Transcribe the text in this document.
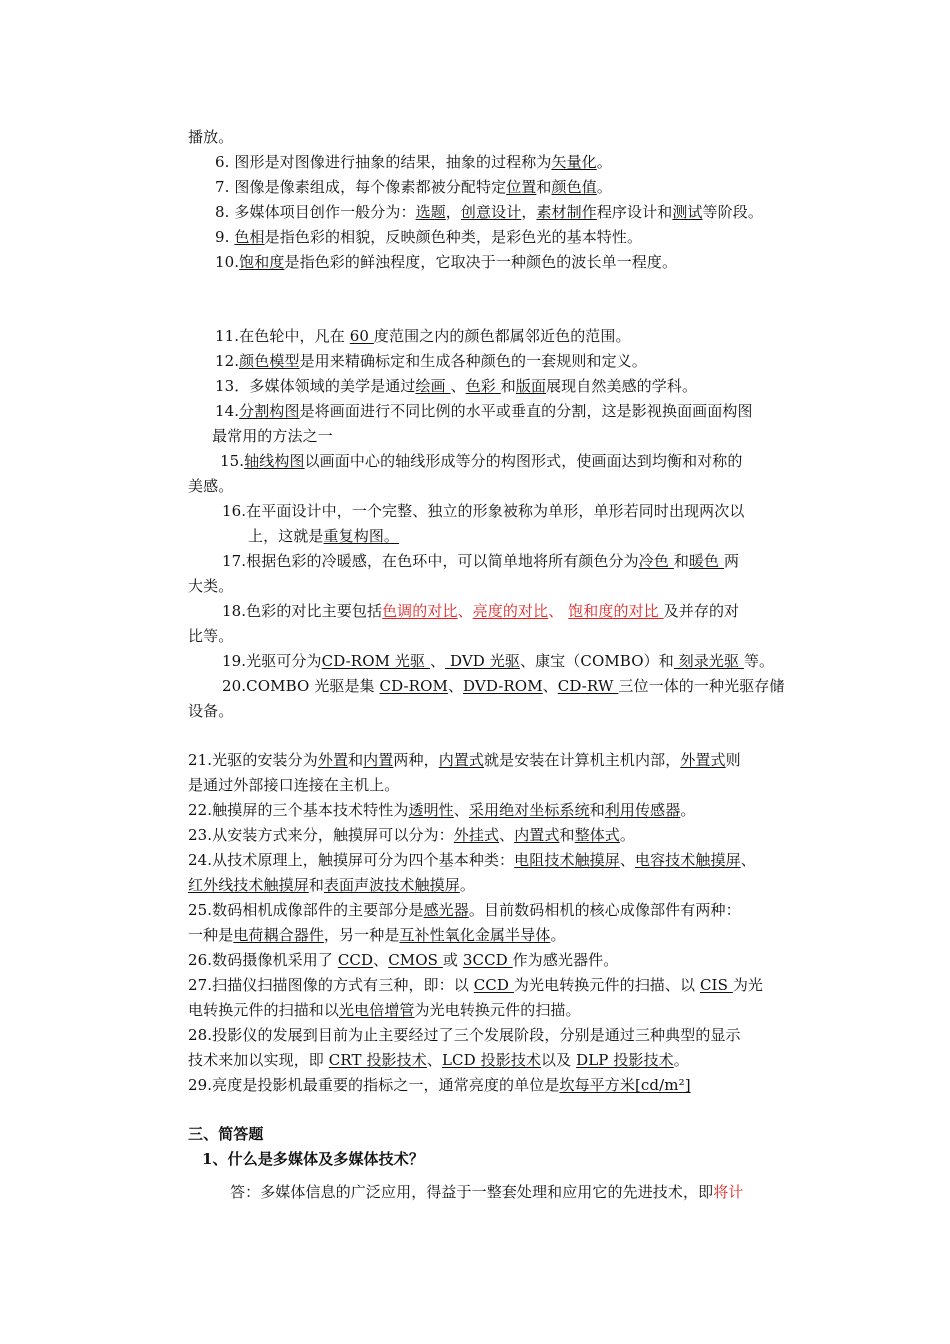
播放。
6. 图形是对图像进行抽象的结果，抽象的过程称为矢量化。
7. 图像是像素组成，每个像素都被分配特定位置和颜色值。
8. 多媒体项目创作一般分为：选题，创意设计，素材制作程序设计和测试等阶段。
9. 色相是指色彩的相貌，反映颜色种类，是彩色光的基本特性。
10.饱和度是指色彩的鲜浊程度，它取决于一种颜色的波长单一程度。
11.在色轮中，凡在 60 度范围之内的颜色都属邻近色的范围。
12.颜色模型是用来精确标定和生成各种颜色的一套规则和定义。
13．多媒体领域的美学是通过绘画 、色彩 和版面展现自然美感的学科。
14.分割构图是将画面进行不同比例的水平或垂直的分割，这是影视换面画面构图
最常用的方法之一
15.轴线构图以画面中心的轴线形成等分的构图形式，使画面达到均衡和对称的
美感。
16.在平面设计中，一个完整、独立的形象被称为单形，单形若同时出现两次以
上，这就是重复构图。
17.根据色彩的冷暖感，在色环中，可以简单地将所有颜色分为冷色 和暖色 两
大类。
18.色彩的对比主要包括色调的对比、亮度的对比、 饱和度的对比 及并存的对
比等。
19.光驱可分为CD-ROM 光驱 、 DVD 光驱、康宝（COMBO）和 刻录光驱 等。
20.COMBO 光驱是集 CD-ROM、DVD-ROM、CD-RW 三位一体的一种光驱存储
设备。
21.光驱的安装分为外置和内置两种，内置式就是安装在计算机主机内部，外置式则
是通过外部接口连接在主机上。
22.触摸屏的三个基本技术特性为透明性、采用绝对坐标系统和利用传感器。
23.从安装方式来分，触摸屏可以分为：外挂式、内置式和整体式。
24.从技术原理上，触摸屏可分为四个基本种类：电阻技术触摸屏、电容技术触摸屏、
红外线技术触摸屏和表面声波技术触摸屏。
25.数码相机成像部件的主要部分是感光器。目前数码相机的核心成像部件有两种：
一种是电荷耦合器件，另一种是互补性氧化金属半导体。
26.数码摄像机采用了 CCD、CMOS 或 3CCD 作为感光器件。
27.扫描仪扫描图像的方式有三种，即：以 CCD 为光电转换元件的扫描、以 CIS 为光
电转换元件的扫描和以光电倍增管为光电转换元件的扫描。
28.投影仪的发展到目前为止主要经过了三个发展阶段，分别是通过三种典型的显示
技术来加以实现，即 CRT 投影技术、LCD 投影技术以及 DLP 投影技术。
29.亮度是投影机最重要的指标之一，通常亮度的单位是坎每平方米[cd/m²]
三、简答题
1、什么是多媒体及多媒体技术？
答：多媒体信息的广泛应用，得益于一整套处理和应用它的先进技术，即将计
